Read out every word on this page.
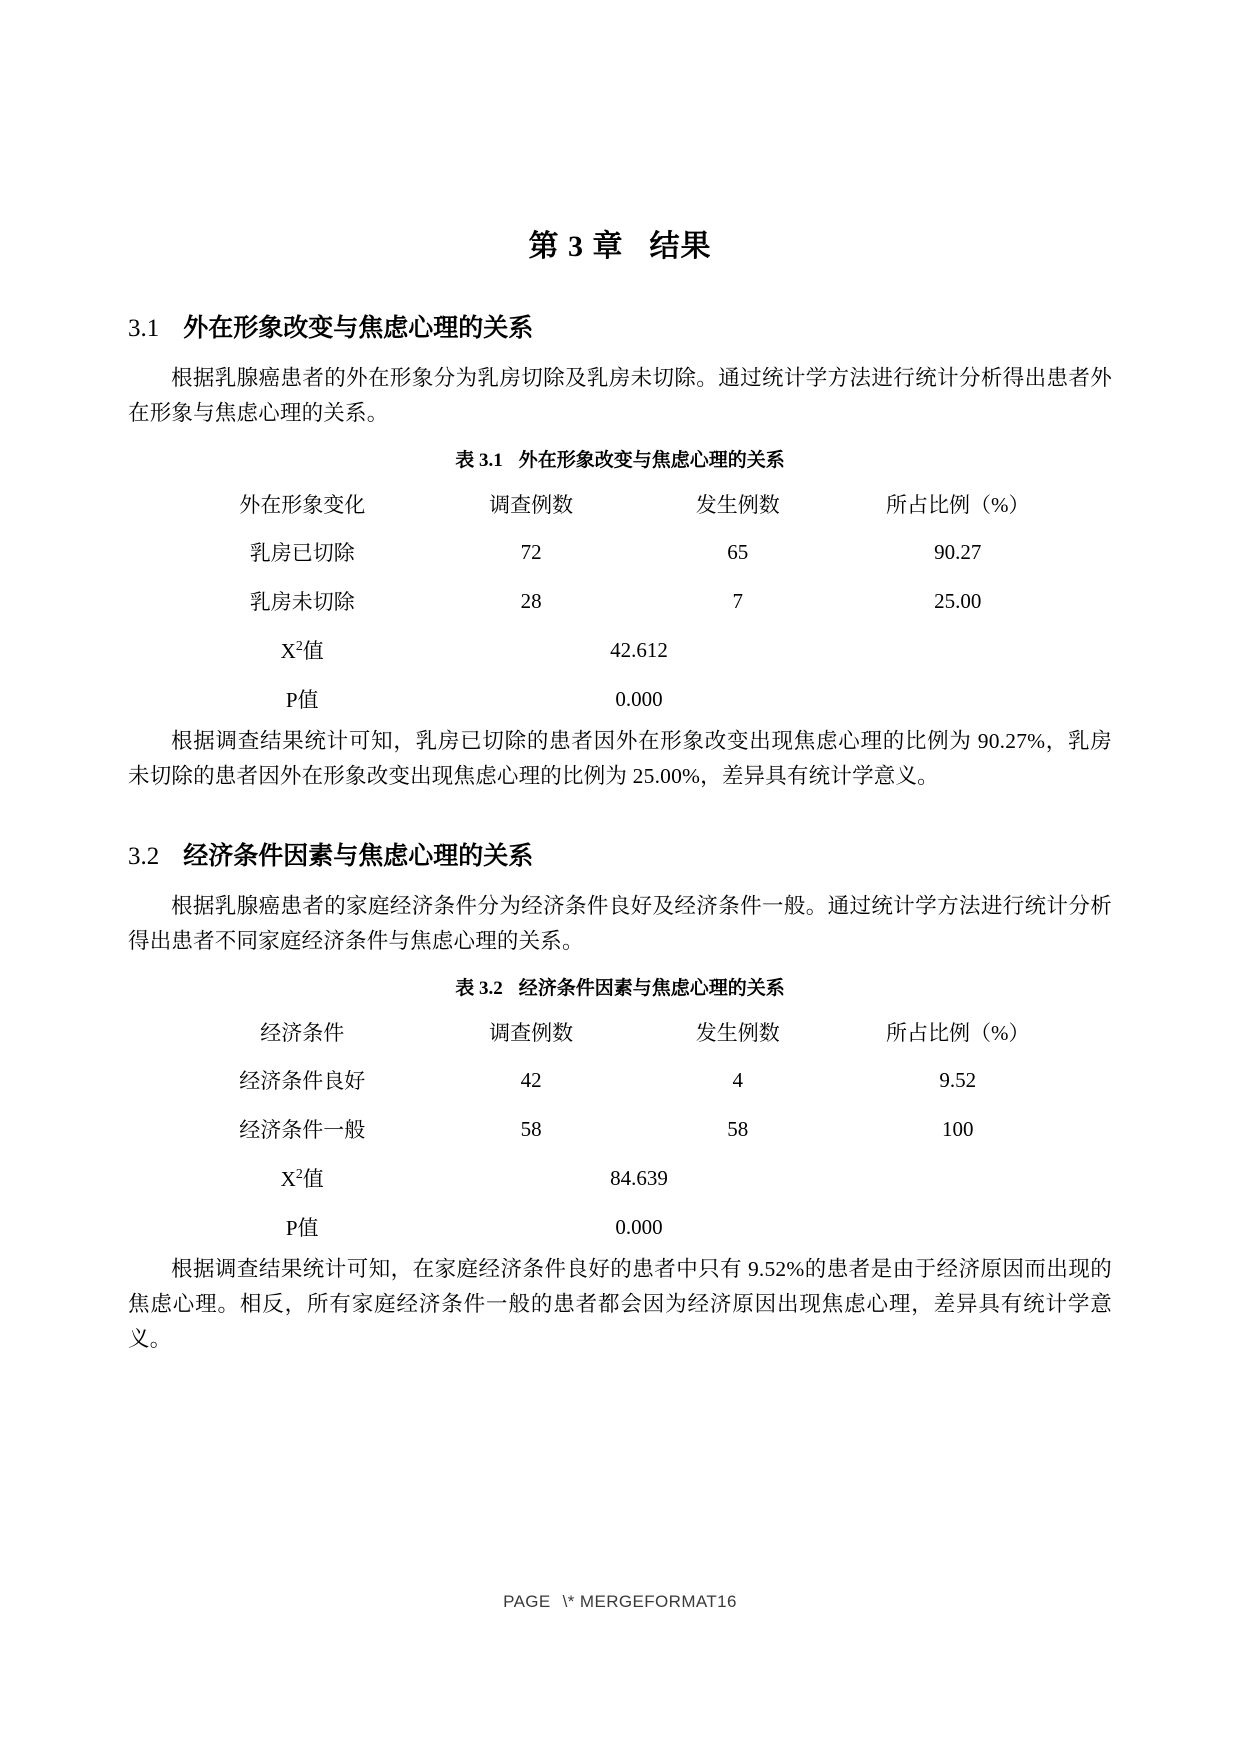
第 3 章 结果
3.1 外在形象改变与焦虑心理的关系

根据乳腺癌患者的外在形象分为乳房切除及乳房未切除。通过统计学方法进行统计分析得出患者外在形象与焦虑心理的关系。

表 3.1 外在形象改变与焦虑心理的关系

外在形象变化	调查例数	发生例数	所占比例（%）
乳房已切除	72	65	90.27
乳房未切除	28	7	25.00
$X^2$值	42.612		
P值	0.000		

根据调查结果统计可知，乳房已切除的患者因外在形象改变出现焦虑心理的比例为 90.27%，乳房未切除的患者因外在形象改变出现焦虑心理的比例为 25.00%，差异具有统计学意义。

3.2 经济条件因素与焦虑心理的关系

根据乳腺癌患者的家庭经济条件分为经济条件良好及经济条件一般。通过统计学方法进行统计分析得出患者不同家庭经济条件与焦虑心理的关系。

表 3.2 经济条件因素与焦虑心理的关系

经济条件	调查例数	发生例数	所占比例（%）
经济条件良好	42	4	9.52
经济条件一般	58	58	100
$X^2$值	84.639		
P值	0.000		

根据调查结果统计可知，在家庭经济条件良好的患者中只有 9.52%的患者是由于经济原因而出现的焦虑心理。相反，所有家庭经济条件一般的患者都会因为经济原因出现焦虑心理，差异具有统计学意义。

PAGE \* MERGEFORMAT16
